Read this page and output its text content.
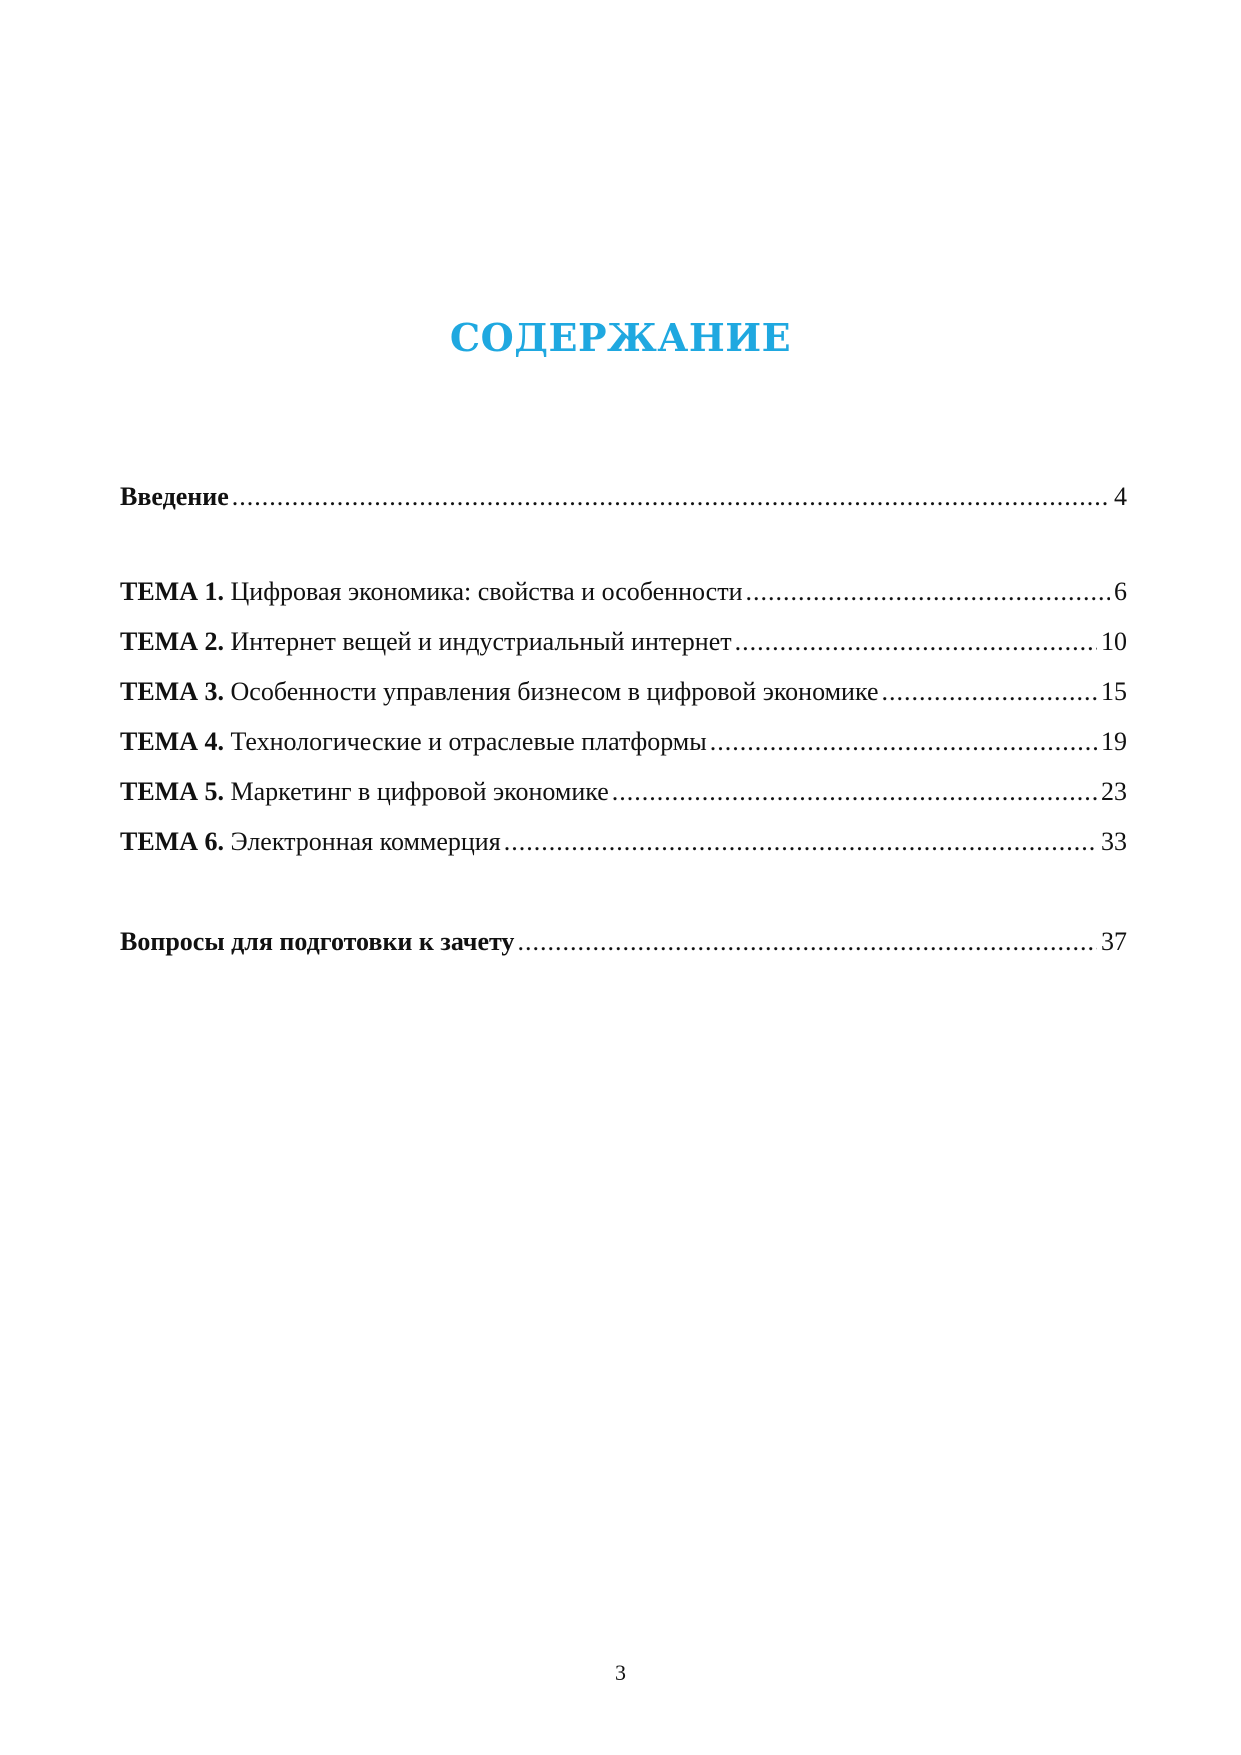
СОДЕРЖАНИЕ
Введение .....	4
ТЕМА 1. Цифровая экономика: свойства и особенности .....	6
ТЕМА 2. Интернет вещей и индустриальный интернет .....	10
ТЕМА 3. Особенности управления бизнесом в цифровой экономике .....	15
ТЕМА 4. Технологические и отраслевые платформы .....	19
ТЕМА 5. Маркетинг в цифровой экономике .....	23
ТЕМА 6. Электронная коммерция .....	33
Вопросы для подготовки к зачету .....	37
3
